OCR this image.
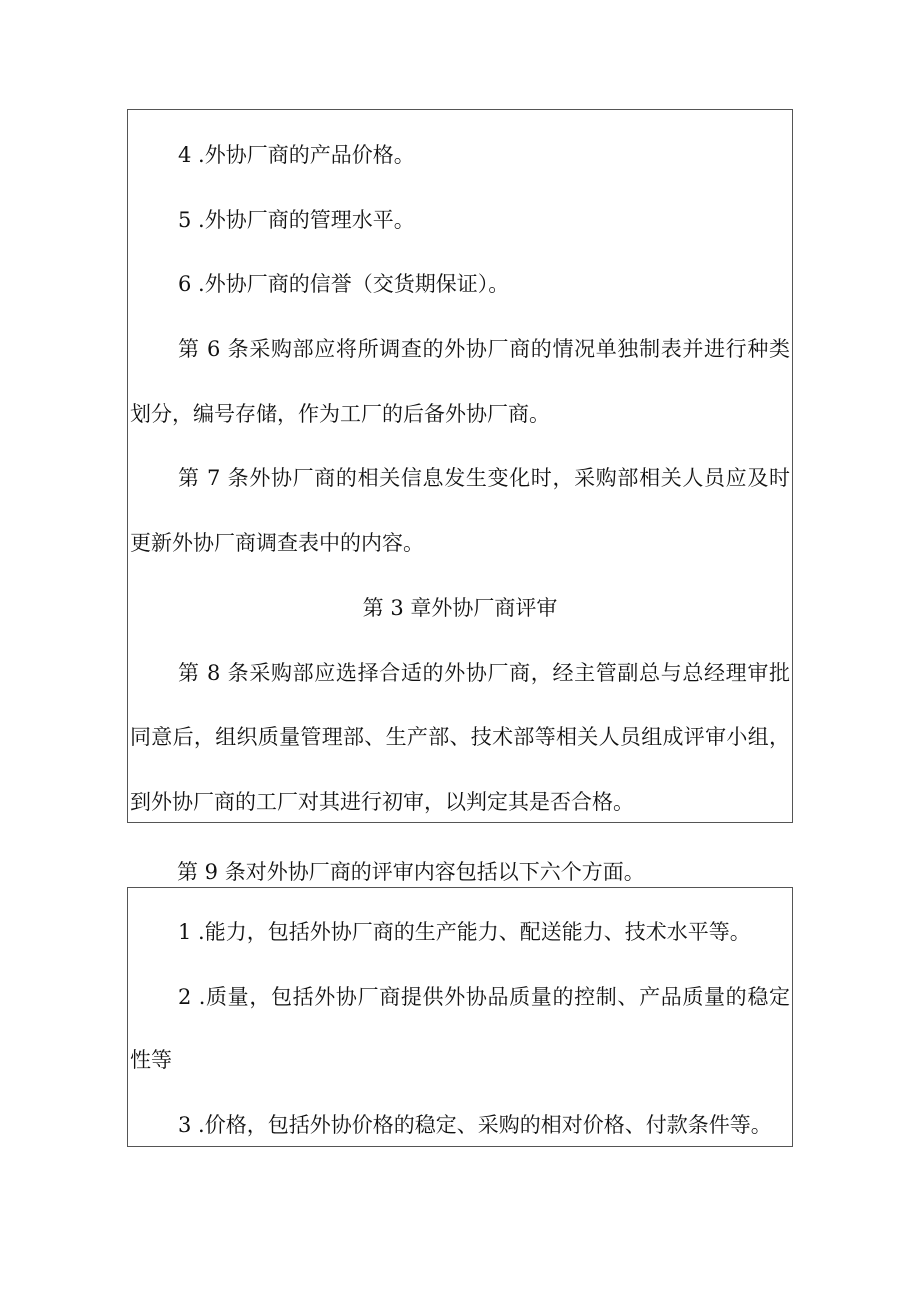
4 .外协厂商的产品价格。
5 .外协厂商的管理水平。
6 .外协厂商的信誉（交货期保证）。
第 6 条采购部应将所调查的外协厂商的情况单独制表并进行种类
划分，编号存储，作为工厂的后备外协厂商。
第 7 条外协厂商的相关信息发生变化时，采购部相关人员应及时
更新外协厂商调查表中的内容。
第 3 章外协厂商评审
第 8 条采购部应选择合适的外协厂商，经主管副总与总经理审批
同意后，组织质量管理部、生产部、技术部等相关人员组成评审小组，
到外协厂商的工厂对其进行初审，以判定其是否合格。
第 9 条对外协厂商的评审内容包括以下六个方面。
1 .能力，包括外协厂商的生产能力、配送能力、技术水平等。
2 .质量，包括外协厂商提供外协品质量的控制、产品质量的稳定
性等
3 .价格，包括外协价格的稳定、采购的相对价格、付款条件等。
